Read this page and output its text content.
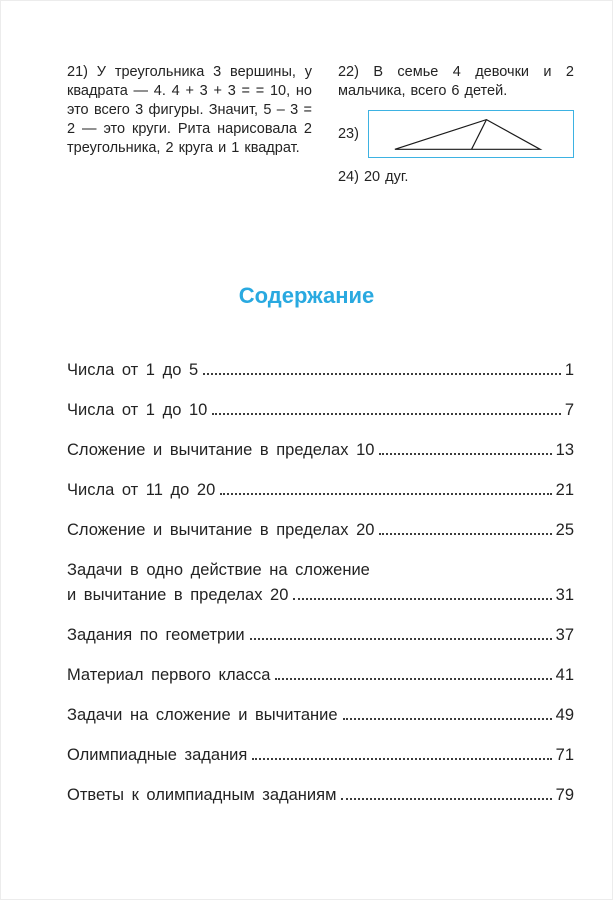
21) У треугольника 3 вершины, у квадрата — 4. 4 + 3 + 3 = = 10, но это всего 3 фигуры. Значит, 5 – 3 = 2 — это круги. Рита нарисовала 2 треугольника, 2 круга и 1 квадрат.

22) В семье 4 девочки и 2 мальчика, всего 6 детей.

23)

24) 20 дуг.

Содержание
Числа от 1 до 5	1
Числа от 1 до 10	7
Сложение и вычитание в пределах 10	13
Числа от 11 до 20	21
Сложение и вычитание в пределах 20	25
Задачи в одно действие на сложение
и вычитание в пределах 20	31
Задания по геометрии	37
Материал первого класса	41
Задачи на сложение и вычитание	49
Олимпиадные задания	71
Ответы к олимпиадным заданиям	79
